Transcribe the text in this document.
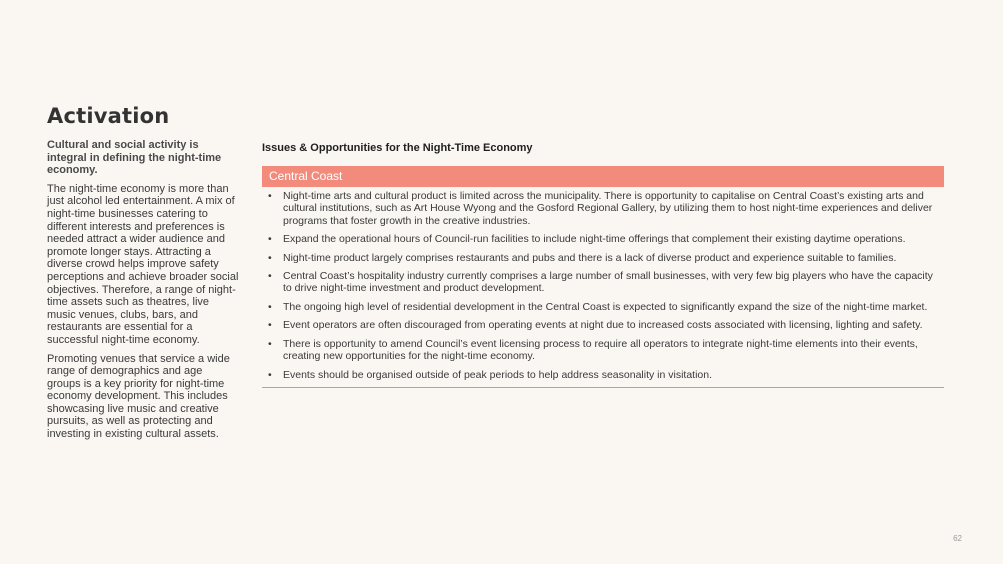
Activation

Cultural and social activity is integral in defining the night-time economy.

The night-time economy is more than just alcohol led entertainment. A mix of night-time businesses catering to different interests and preferences is needed attract a wider audience and promote longer stays. Attracting a diverse crowd helps improve safety perceptions and achieve broader social objectives. Therefore, a range of night-time assets such as theatres, live music venues, clubs, bars, and restaurants are essential for a successful night-time economy.

Promoting venues that service a wide range of demographics and age groups is a key priority for night-time economy development. This includes showcasing live music and creative pursuits, as well as protecting and investing in existing cultural assets.

Issues & Opportunities for the Night-Time Economy
Central Coast
• Night-time arts and cultural product is limited across the municipality. There is opportunity to capitalise on Central Coast’s existing arts and cultural institutions, such as Art House Wyong and the Gosford Regional Gallery, by utilizing them to host night-time experiences and deliver programs that foster growth in the creative industries.
• Expand the operational hours of Council-run facilities to include night-time offerings that complement their existing daytime operations.
• Night-time product largely comprises restaurants and pubs and there is a lack of diverse product and experience suitable to families.
• Central Coast’s hospitality industry currently comprises a large number of small businesses, with very few big players who have the capacity to drive night-time investment and product development.
• The ongoing high level of residential development in the Central Coast is expected to significantly expand the size of the night-time market.
• Event operators are often discouraged from operating events at night due to increased costs associated with licensing, lighting and safety.
• There is opportunity to amend Council’s event licensing process to require all operators to integrate night-time elements into their events, creating new opportunities for the night-time economy.
• Events should be organised outside of peak periods to help address seasonality in visitation.
62
